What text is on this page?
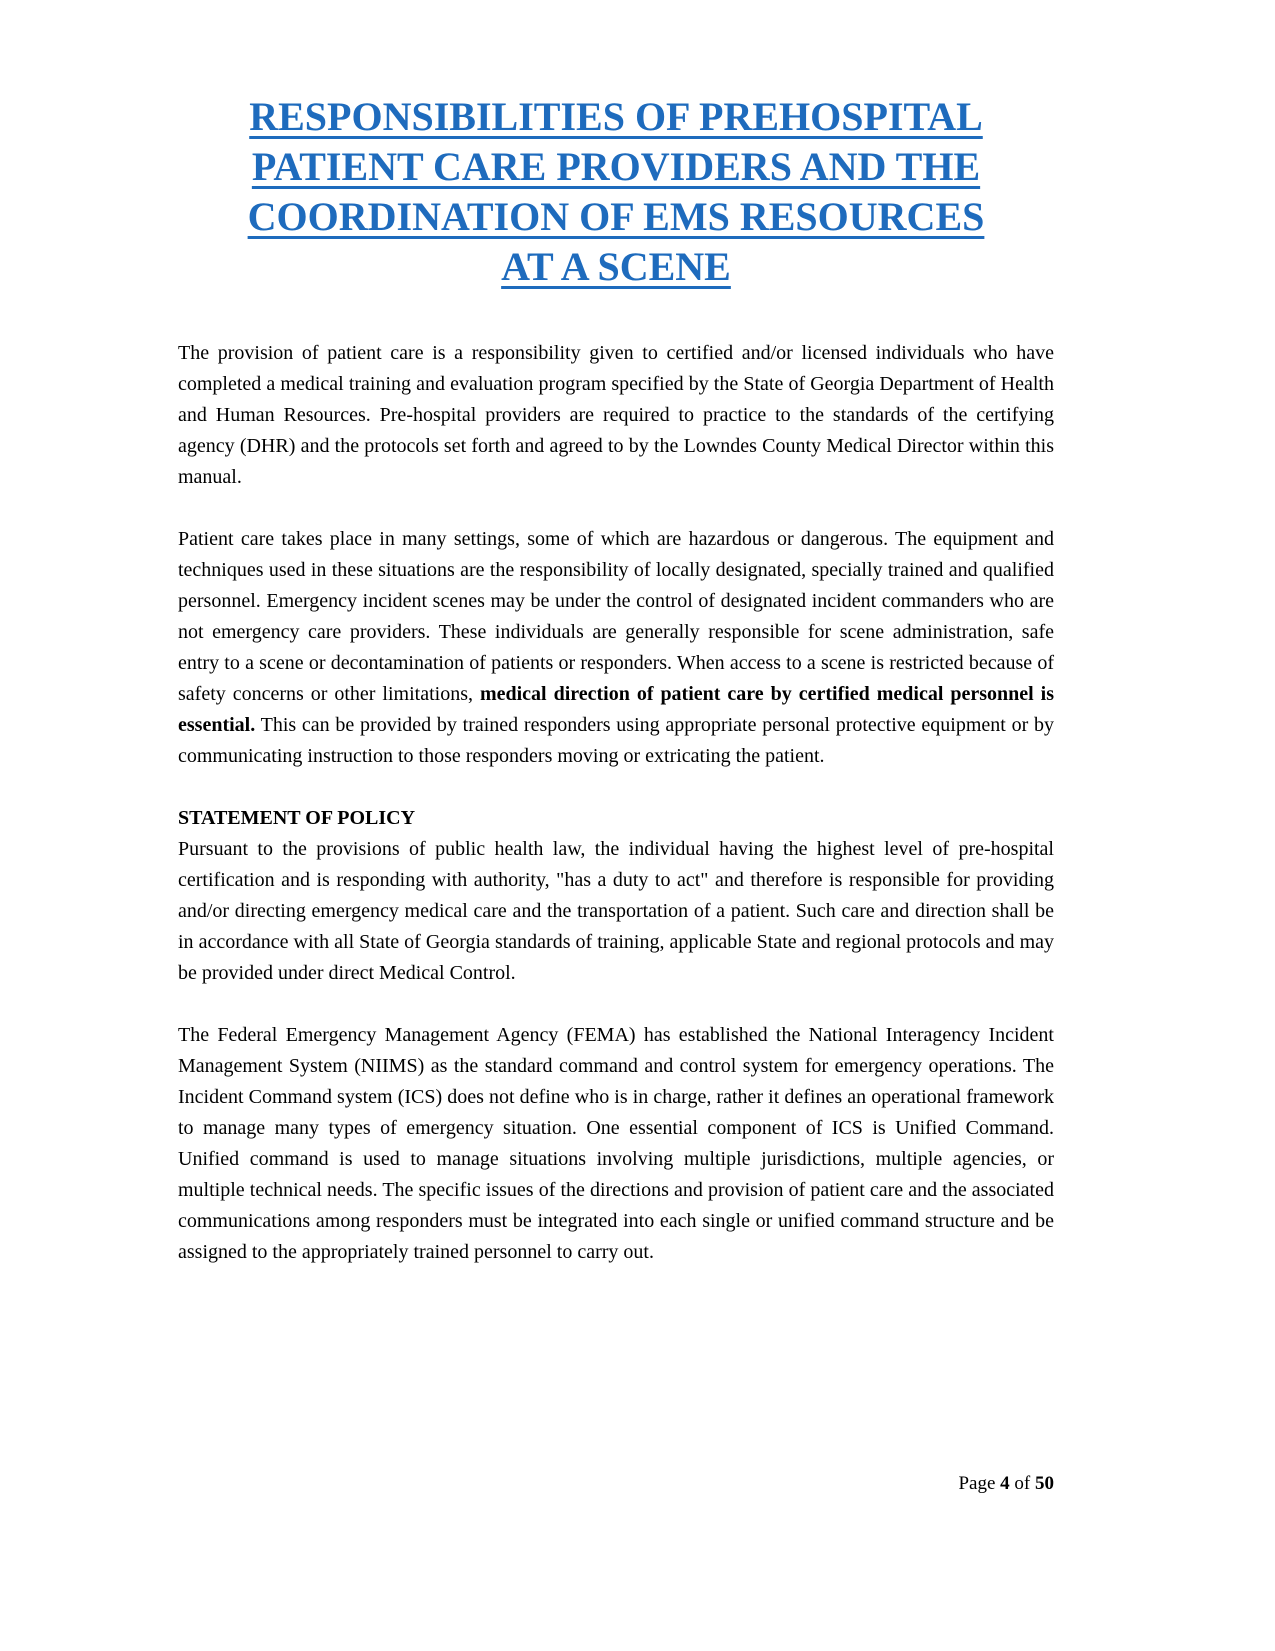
RESPONSIBILITIES OF PREHOSPITAL
PATIENT CARE PROVIDERS AND THE
COORDINATION OF EMS RESOURCES
AT A SCENE

The provision of patient care is a responsibility given to certified and/or licensed individuals who have completed a medical training and evaluation program specified by the State of Georgia Department of Health and Human Resources. Pre-hospital providers are required to practice to the standards of the certifying agency (DHR) and the protocols set forth and agreed to by the Lowndes County Medical Director within this manual.

Patient care takes place in many settings, some of which are hazardous or dangerous. The equipment and techniques used in these situations are the responsibility of locally designated, specially trained and qualified personnel. Emergency incident scenes may be under the control of designated incident commanders who are not emergency care providers. These individuals are generally responsible for scene administration, safe entry to a scene or decontamination of patients or responders. When access to a scene is restricted because of safety concerns or other limitations, medical direction of patient care by certified medical personnel is essential. This can be provided by trained responders using appropriate personal protective equipment or by communicating instruction to those responders moving or extricating the patient.

STATEMENT OF POLICY

Pursuant to the provisions of public health law, the individual having the highest level of pre-hospital certification and is responding with authority, "has a duty to act" and therefore is responsible for providing and/or directing emergency medical care and the transportation of a patient. Such care and direction shall be in accordance with all State of Georgia standards of training, applicable State and regional protocols and may be provided under direct Medical Control.

The Federal Emergency Management Agency (FEMA) has established the National Interagency Incident Management System (NIIMS) as the standard command and control system for emergency operations. The Incident Command system (ICS) does not define who is in charge, rather it defines an operational framework to manage many types of emergency situation. One essential component of ICS is Unified Command. Unified command is used to manage situations involving multiple jurisdictions, multiple agencies, or multiple technical needs. The specific issues of the directions and provision of patient care and the associated communications among responders must be integrated into each single or unified command structure and be assigned to the appropriately trained personnel to carry out.

Page 4 of 50
